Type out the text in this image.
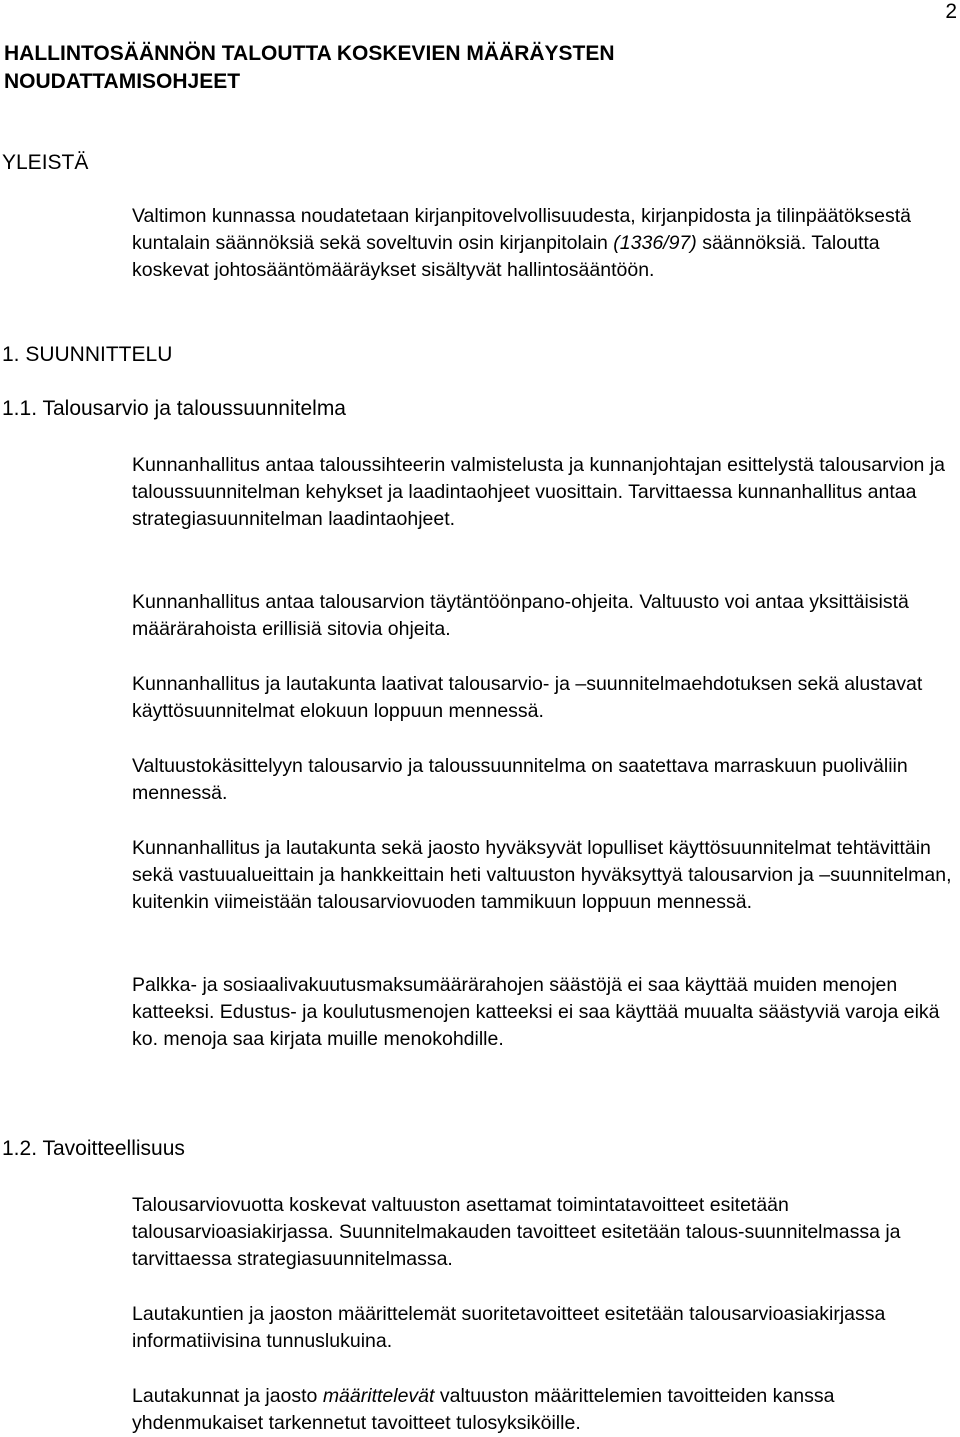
2
HALLINTOSÄÄNNÖN TALOUTTA KOSKEVIEN MÄÄRÄYSTEN
NOUDATTAMISOHJEET
YLEISTÄ

Valtimon kunnassa noudatetaan kirjanpitovelvollisuudesta, kirjanpidosta ja tilinpäätöksestä kuntalain säännöksiä sekä soveltuvin osin kirjanpitolain (1336/97) säännöksiä. Taloutta koskevat johtosääntömääräykset sisältyvät hallintosääntöön.

1. SUUNNITTELU
1.1. Talousarvio ja taloussuunnitelma

Kunnanhallitus antaa taloussihteerin valmistelusta ja kunnanjohtajan esittelystä talousarvion ja taloussuunnitelman kehykset ja laadintaohjeet vuosittain. Tarvittaessa kunnanhallitus antaa strategiasuunnitelman laadintaohjeet.

Kunnanhallitus antaa talousarvion täytäntöönpano-ohjeita. Valtuusto voi antaa yksittäisistä määrärahoista erillisiä sitovia ohjeita.

Kunnanhallitus ja lautakunta laativat talousarvio- ja –suunnitelmaehdotuksen sekä alustavat käyttösuunnitelmat elokuun loppuun mennessä.

Valtuustokäsittelyyn talousarvio ja taloussuunnitelma on saatettava marraskuun puoliväliin mennessä.

Kunnanhallitus ja lautakunta sekä jaosto hyväksyvät lopulliset käyttösuunnitelmat tehtävittäin sekä vastuualueittain ja hankkeittain heti valtuuston hyväksyttyä talousarvion ja –suunnitelman, kuitenkin viimeistään talousarviovuoden tammikuun loppuun mennessä.

Palkka- ja sosiaalivakuutusmaksumäärärahojen säästöjä ei saa käyttää muiden menojen katteeksi. Edustus- ja koulutusmenojen katteeksi ei saa käyttää muualta säästyviä varoja eikä ko. menoja saa kirjata muille menokohdille.

1.2. Tavoitteellisuus

Talousarviovuotta koskevat valtuuston asettamat toimintatavoitteet esitetään talousarvioasiakirjassa. Suunnitelmakauden tavoitteet esitetään talous-suunnitelmassa ja tarvittaessa strategiasuunnitelmassa.

Lautakuntien ja jaoston määrittelemät suoritetavoitteet esitetään talousarvioasiakirjassa informatiivisina tunnuslukuina.

Lautakunnat ja jaosto määrittelevät valtuuston määrittelemien tavoitteiden kanssa yhdenmukaiset tarkennetut tavoitteet tulosyksiköille.
